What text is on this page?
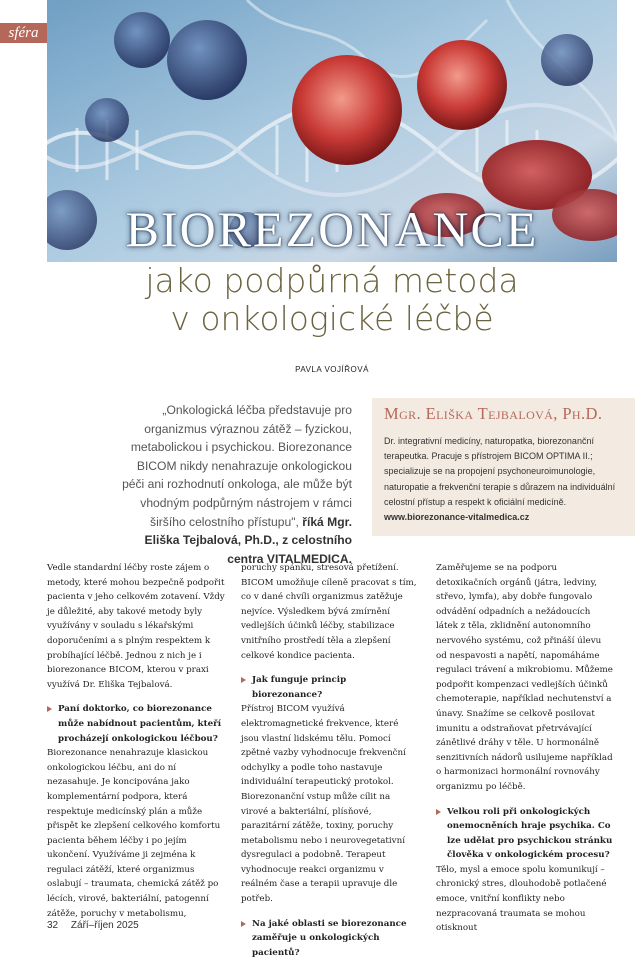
sféra
BIOREZONANCE
jako podpůrná metoda
v onkologické léčbě
PAVLA VOJÍŘOVÁ
„Onkologická léčba představuje pro organizmus výraznou zátěž – fyzickou, metabolickou i psychickou. Biorezonance BICOM nikdy nenahrazuje onkologickou péči ani rozhodnutí onkologa, ale může být vhodným podpůrným nástrojem v rámci širšího celostního přístupu", říká Mgr. Eliška Tejbalová, Ph.D., z celostního centra VITALMEDICA.
Mgr. Eliška Tejbalová, Ph.D.
Dr. integrativní medicíny, naturopatka, biorezonanční terapeutka. Pracuje s přístrojem BICOM OPTIMA II.; specializuje se na propojení psychoneuroimunologie, naturopatie a frekvenční terapie s důrazem na individuální celostní přístup a respekt k oficiální medicíně.
www.biorezonance-vitalmedica.cz

Vedle standardní léčby roste zájem o metody, které mohou bezpečně podpořit pacienta v jeho celkovém zotavení. Vždy je důležité, aby takové metody byly využívány v souladu s lékařskými doporučeními a s plným respektem k probíhající léčbě. Jednou z nich je i biorezonance BICOM, kterou v praxi využívá Dr. Eliška Tejbalová.

Paní doktorko, co biorezonance může nabídnout pacientům, kteří procházejí onkologickou léčbou?

Biorezonance nenahrazuje klasickou onkologickou léčbu, ani do ní nezasahuje. Je koncipována jako komplementární podpora, která respektuje medicínský plán a může přispět ke zlepšení celkového komfortu pacienta během léčby i po jejím ukončení. Využíváme ji zejména k regulaci zátěží, které organizmus oslabují – traumata, chemická zátěž po lécích, virové, bakteriální, patogenní zátěže, poruchy v metabolismu,

poruchy spánku, stresová přetížení. BICOM umožňuje cíleně pracovat s tím, co v dané chvíli organizmus zatěžuje nejvíce. Výsledkem bývá zmírnění vedlejších účinků léčby, stabilizace vnitřního prostředí těla a zlepšení celkové kondice pacienta.

Jak funguje princip biorezonance?

Přístroj BICOM využívá elektromagnetické frekvence, které jsou vlastní lidskému tělu. Pomocí zpětné vazby vyhodnocuje frekvenční odchylky a podle toho nastavuje individuální terapeutický protokol. Biorezonanční vstup může cílit na virové a bakteriální, plísňové, parazitární zátěže, toxiny, poruchy metabolismu nebo i neurovegetativní dysregulaci a podobně. Terapeut vyhodnocuje reakci organizmu v reálném čase a terapii upravuje dle potřeb.

Na jaké oblasti se biorezonance zaměřuje u onkologických pacientů?

Zaměřujeme se na podporu detoxikačních orgánů (játra, ledviny, střevo, lymfa), aby dobře fungovalo odvádění odpadních a nežádoucích látek z těla, zklidnění autonomního nervového systému, což přináší úlevu od nespavosti a napětí, napomáháme regulaci trávení a mikrobiomu. Můžeme podpořit kompenzaci vedlejších účinků chemoterapie, například nechutenství a únavy. Snažíme se celkově posilovat imunitu a odstraňovat přetrvávající zánětlivé dráhy v těle. U hormonálně senzitivních nádorů usilujeme například o harmonizaci hormonální rovnováhy organizmu po léčbě.

Velkou roli při onkologických onemocněních hraje psychika. Co lze udělat pro psychickou stránku člověka v onkologickém procesu?

Tělo, mysl a emoce spolu komunikují – chronický stres, dlouhodobě potlačené emoce, vnitřní konflikty nebo nezpracovaná traumata se mohou otisknout

32 Září–říjen 2025
